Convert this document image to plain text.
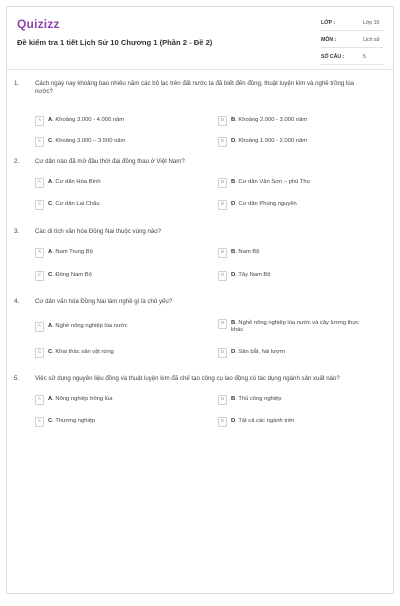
Quizizz
Đề kiểm tra 1 tiết Lịch Sử 10 Chương 1 (Phần 2 - Đề 2)
LỚP :	Lớp 10
MÔN :	Lịch sử
SỐ CÂU :	5
1.	Cách ngày nay khoảng bao nhiêu năm các bộ lạc trên đất nước ta đã biết đến đồng, thuật luyện kim và nghề trồng lúa nước?
A	A. Khoảng 3.000 - 4.000 năm	B	B. Khoảng 2.000 - 3.000 năm
C	C. Khoảng 3.000 – 3.500 năm	D	D. Khoảng 1.000 - 2.000 năm
2.	Cư dân nào đã mở đầu thời đại đồng thau ở Việt Nam?
A	A. Cư dân Hòa Bình	B	B. Cư dân Văn Sơn – phú Thọ
C	C. Cư dân Lai Châu	D	D. Cư dân Phùng nguyên
3.	Các di tích văn hóa Đồng Nai thuộc vùng nào?
A	A. Nam Trung Bộ	B	B. Nam Bộ
C	C. Đông Nam Bộ	D	D. Tây Nam Bộ
4.	Cư dân văn hóa Đồng Nai làm nghề gì là chủ yếu?
A	A. Nghề nông nghiệp lúa nước	B	B. Nghề nông nghiệp lúa nước và cây lương thực khác
C	C. Khai thác sản vật rừng	D	D. Săn bắt, hái lượm
5.	Việc sử dụng nguyên liệu đồng và thuật luyện kim đã chế tạo công cụ lao động có tác dụng ngành sản xuất nào?
A	A. Nông nghiệp trồng lúa	B	B. Thủ công nghiệp
C	C. Thương nghiệp	D	D. Tất cả các ngành trên
